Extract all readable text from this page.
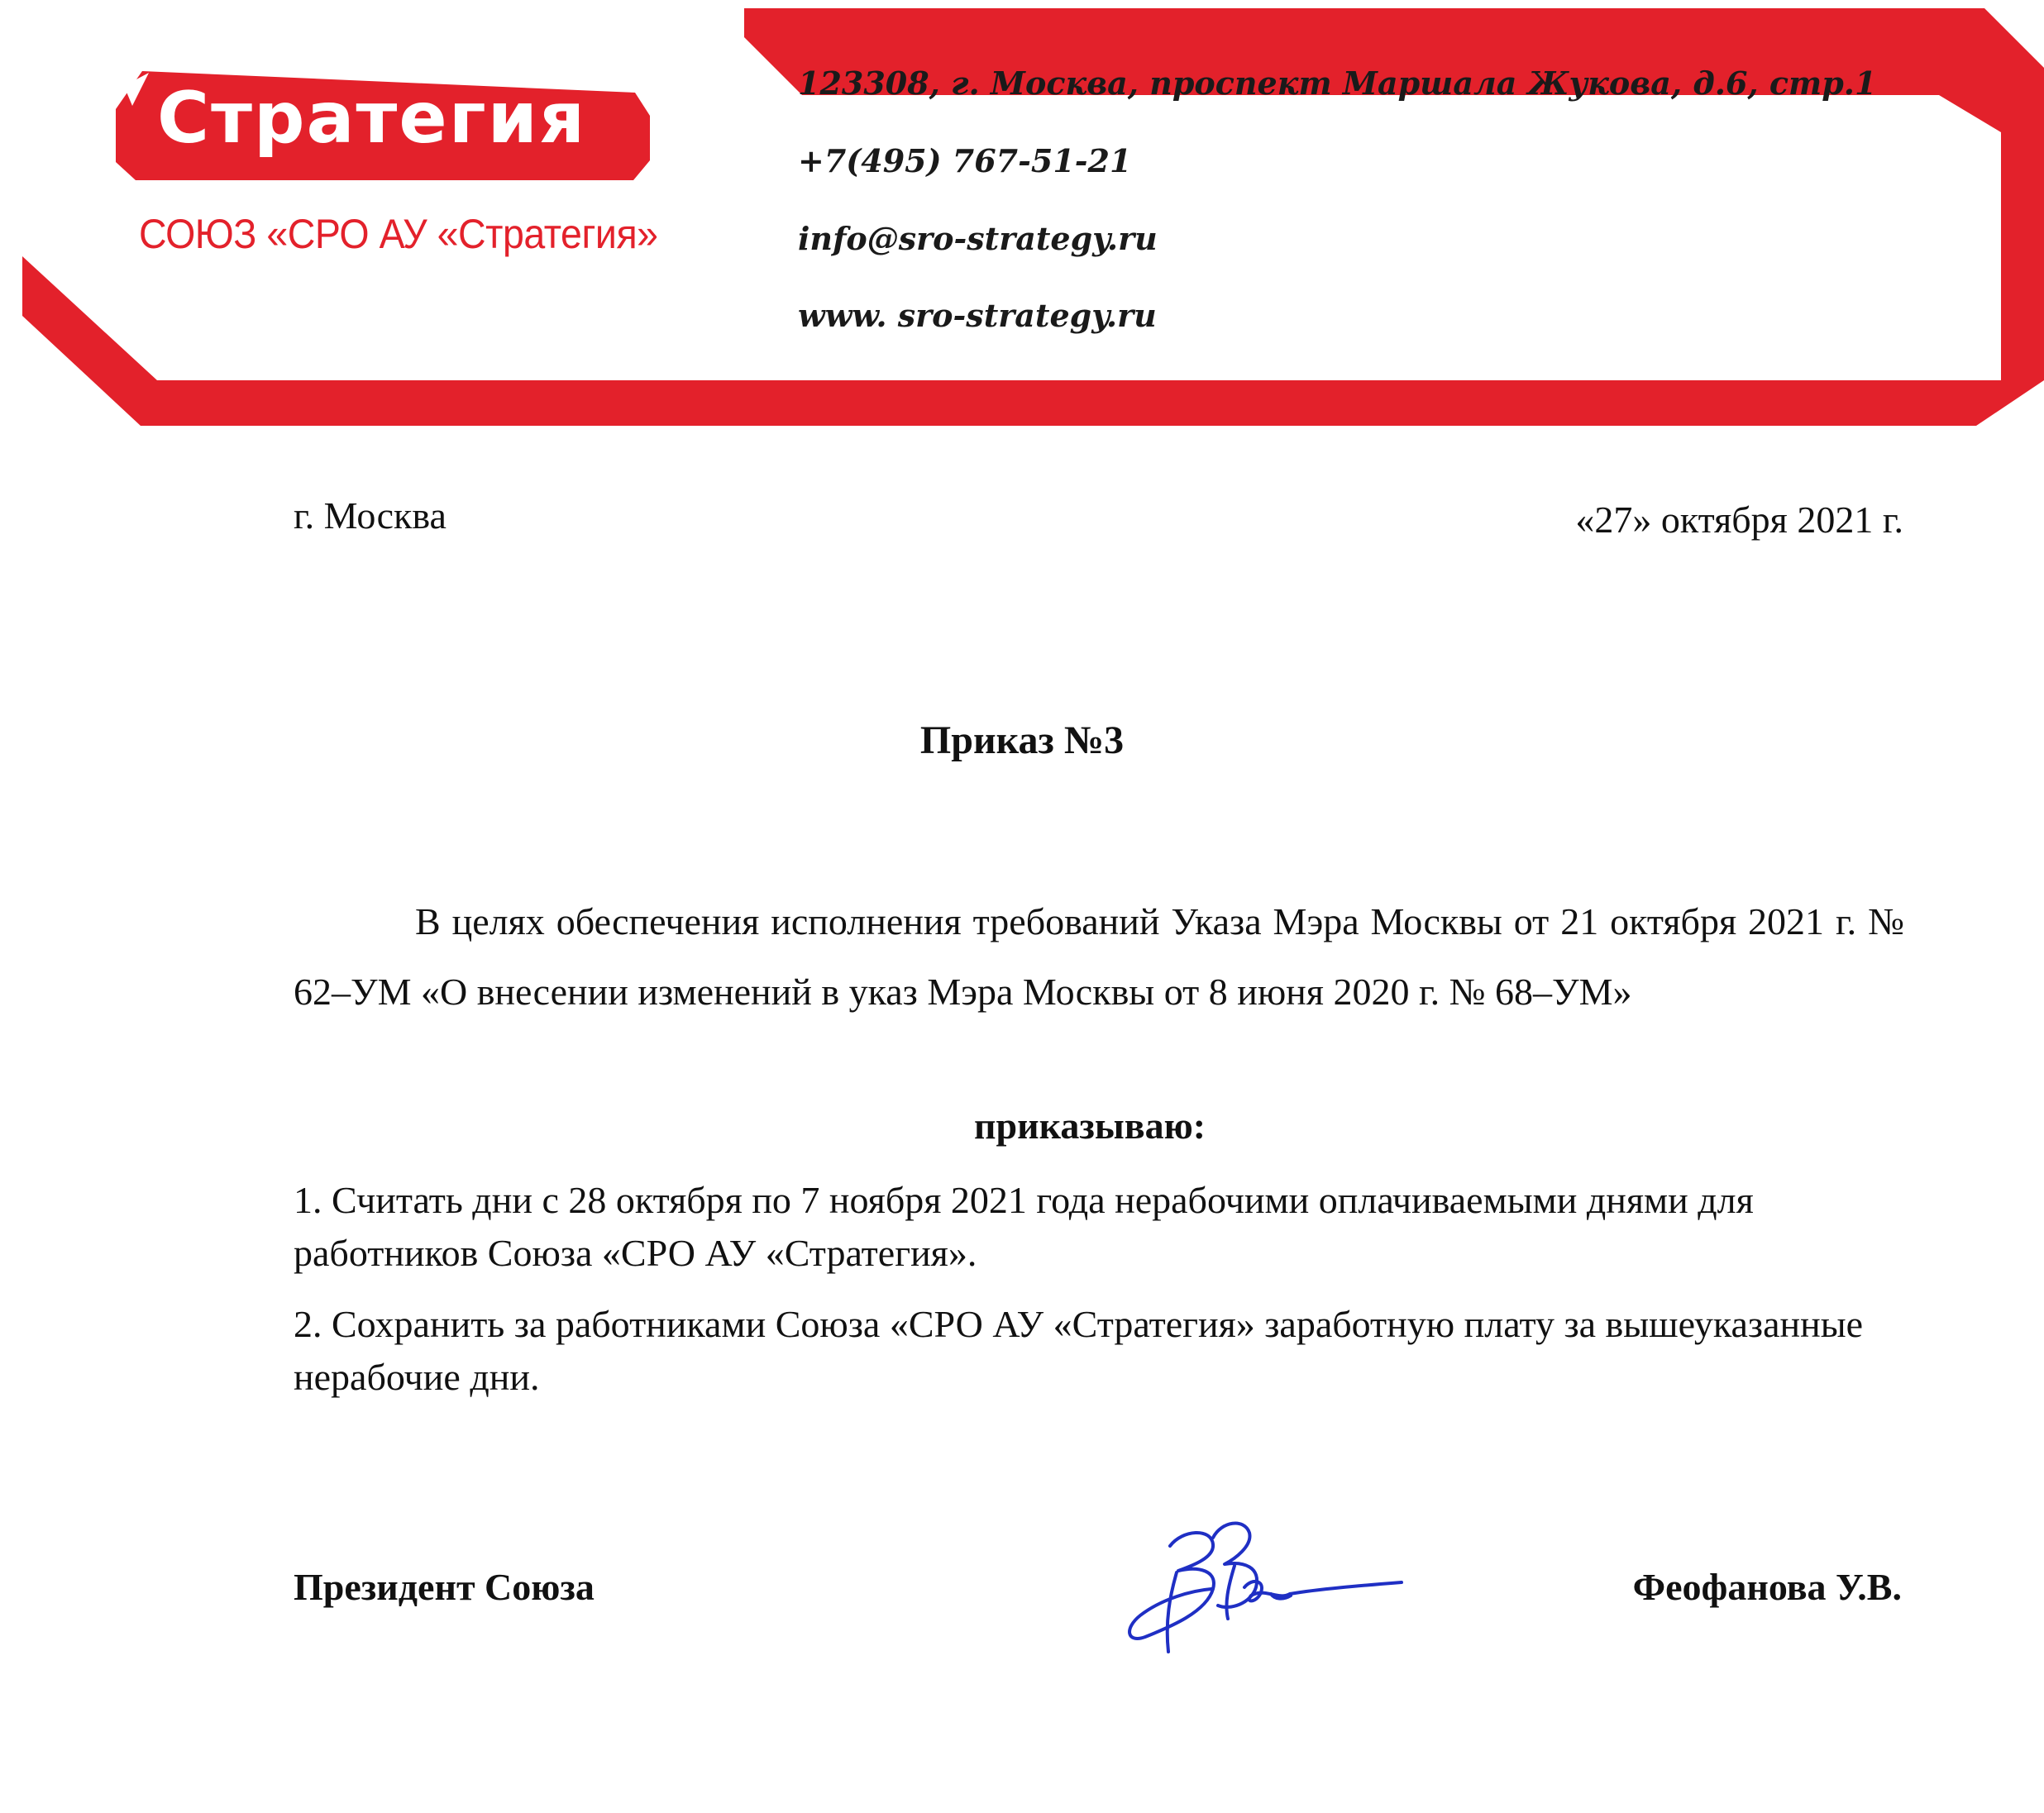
Стратегия
СОЮЗ «СРО АУ «Стратегия»
123308, г. Москва, проспект Маршала Жукова, д.6, стр.1
+7(495) 767-51-21
info@sro-strategy.ru
www. sro-strategy.ru
г. Москва	«27» октября 2021 г.
Приказ №3

В целях обеспечения исполнения требований Указа Мэра Москвы от 21 октября 2021 г. № 62–УМ «О внесении изменений в указ Мэра Москвы от 8 июня 2020 г. № 68–УМ»

приказываю:

1. Считать дни с 28 октября по 7 ноября 2021 года нерабочими оплачиваемыми днями для работников Союза «СРО АУ «Стратегия».

2. Сохранить за работниками Союза «СРО АУ «Стратегия» заработную плату за вышеуказанные нерабочие дни.

Президент Союза	Феофанова У.В.
